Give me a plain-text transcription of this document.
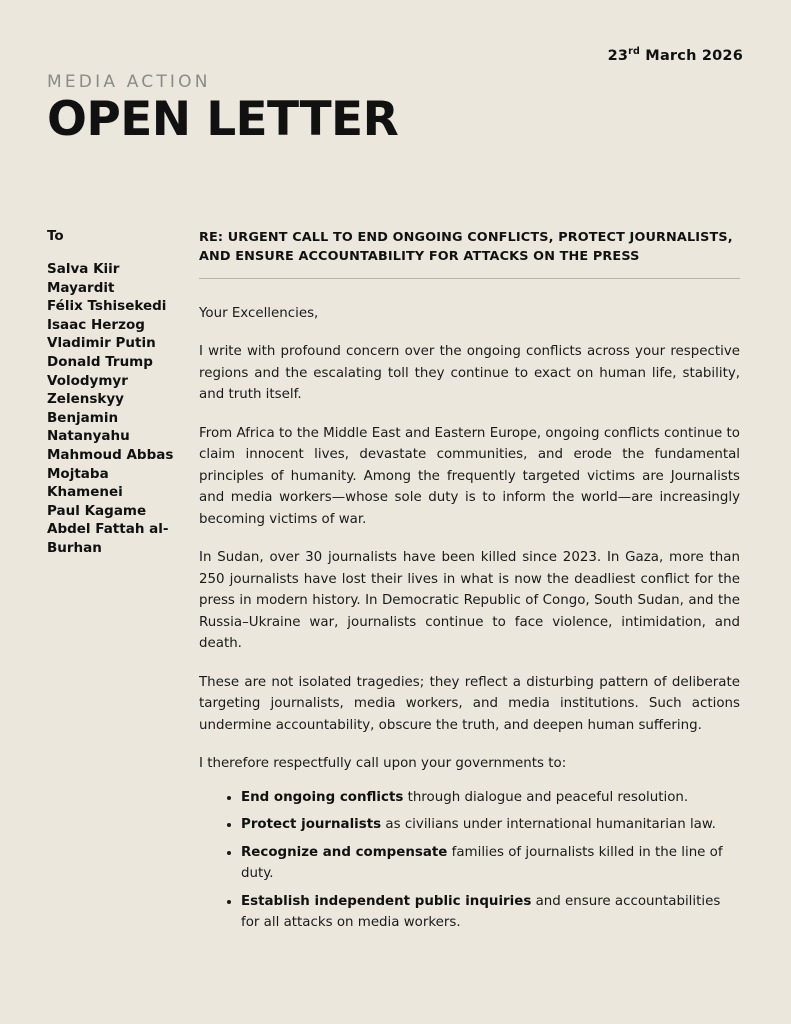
23rd March 2026

MEDIA ACTION

OPEN LETTER
To
Salva Kiir Mayardit
Félix Tshisekedi
Isaac Herzog
Vladimir Putin
Donald Trump
Volodymyr Zelenskyy
Benjamin Natanyahu
Mahmoud Abbas
Mojtaba Khamenei
Paul Kagame
Abdel Fattah al-Burhan
RE: URGENT CALL TO END ONGOING CONFLICTS, PROTECT JOURNALISTS, AND ENSURE ACCOUNTABILITY FOR ATTACKS ON THE PRESS

Your Excellencies,

I write with profound concern over the ongoing conflicts across your respective regions and the escalating toll they continue to exact on human life, stability, and truth itself.

From Africa to the Middle East and Eastern Europe, ongoing conflicts continue to claim innocent lives, devastate communities, and erode the fundamental principles of humanity. Among the frequently targeted victims are Journalists and media workers—whose sole duty is to inform the world—are increasingly becoming victims of war.

In Sudan, over 30 journalists have been killed since 2023. In Gaza, more than 250 journalists have lost their lives in what is now the deadliest conflict for the press in modern history. In Democratic Republic of Congo, South Sudan, and the Russia–Ukraine war, journalists continue to face violence, intimidation, and death.

These are not isolated tragedies; they reflect a disturbing pattern of deliberate targeting journalists, media workers, and media institutions. Such actions undermine accountability, obscure the truth, and deepen human suffering.

I therefore respectfully call upon your governments to:

• End ongoing conflicts through dialogue and peaceful resolution.
• Protect journalists as civilians under international humanitarian law.
• Recognize and compensate families of journalists killed in the line of duty.
• Establish independent public inquiries and ensure accountabilities for all attacks on media workers.
